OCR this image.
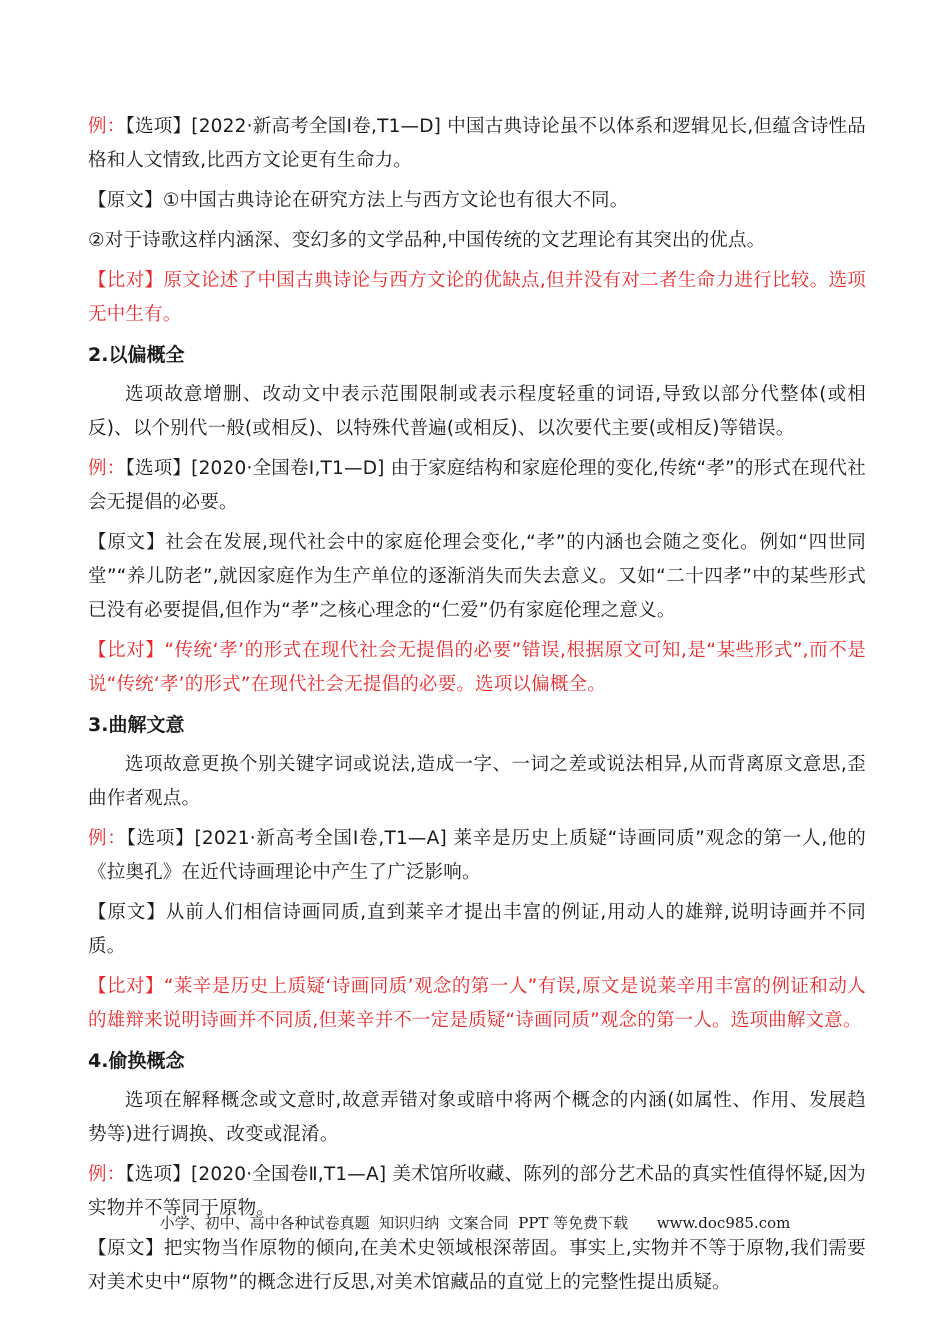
例：【选项】[2022·新高考全国Ⅰ卷,T1—D] 中国古典诗论虽不以体系和逻辑见长,但蕴含诗性品格和人文情致,比西方文论更有生命力。

【原文】①中国古典诗论在研究方法上与西方文论也有很大不同。

②对于诗歌这样内涵深、变幻多的文学品种,中国传统的文艺理论有其突出的优点。

【比对】原文论述了中国古典诗论与西方文论的优缺点,但并没有对二者生命力进行比较。选项无中生有。

2.以偏概全

选项故意增删、改动文中表示范围限制或表示程度轻重的词语,导致以部分代整体(或相反)、以个别代一般(或相反)、以特殊代普遍(或相反)、以次要代主要(或相反)等错误。

例：【选项】[2020·全国卷Ⅰ,T1—D] 由于家庭结构和家庭伦理的变化,传统“孝”的形式在现代社会无提倡的必要。

【原文】社会在发展,现代社会中的家庭伦理会变化,“孝”的内涵也会随之变化。例如“四世同堂”“养儿防老”,就因家庭作为生产单位的逐渐消失而失去意义。又如“二十四孝”中的某些形式已没有必要提倡,但作为“孝”之核心理念的“仁爱”仍有家庭伦理之意义。

【比对】“传统‘孝’的形式在现代社会无提倡的必要”错误,根据原文可知,是“某些形式”,而不是说“传统‘孝’的形式”在现代社会无提倡的必要。选项以偏概全。

3.曲解文意

选项故意更换个别关键字词或说法,造成一字、一词之差或说法相异,从而背离原文意思,歪曲作者观点。

例：【选项】[2021·新高考全国Ⅰ卷,T1—A] 莱辛是历史上质疑“诗画同质”观念的第一人,他的《拉奥孔》在近代诗画理论中产生了广泛影响。

【原文】从前人们相信诗画同质,直到莱辛才提出丰富的例证,用动人的雄辩,说明诗画并不同质。

【比对】“莱辛是历史上质疑‘诗画同质’观念的第一人”有误,原文是说莱辛用丰富的例证和动人的雄辩来说明诗画并不同质,但莱辛并不一定是质疑“诗画同质”观念的第一人。选项曲解文意。

4.偷换概念

选项在解释概念或文意时,故意弄错对象或暗中将两个概念的内涵(如属性、作用、发展趋势等)进行调换、改变或混淆。

例：【选项】[2020·全国卷Ⅱ,T1—A] 美术馆所收藏、陈列的部分艺术品的真实性值得怀疑,因为实物并不等同于原物。

【原文】把实物当作原物的倾向,在美术史领域根深蒂固。事实上,实物并不等于原物,我们需要对美术史中“原物”的概念进行反思,对美术馆藏品的直觉上的完整性提出质疑。

小学、初中、高中各种试卷真题  知识归纳  文案合同  PPT 等免费下载 www.doc985.com
